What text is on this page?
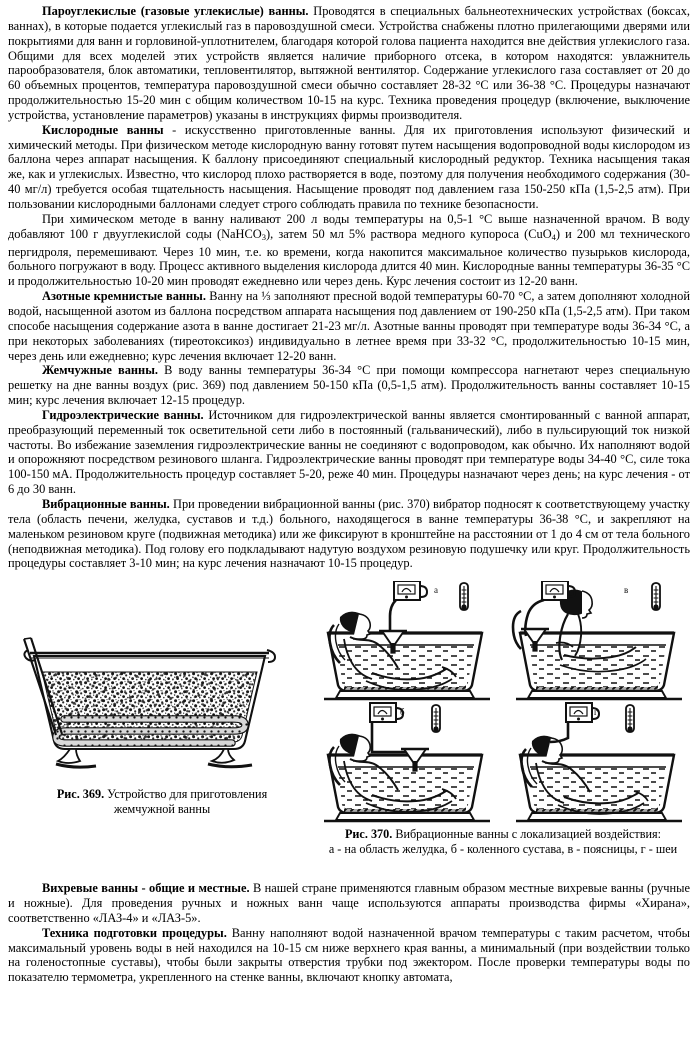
Пароуглекислые (газовые углекислые) ванны. Проводятся в специальных бальнеотехнических устройствах (боксах, ваннах), в которые подается углекислый газ в паровоздушной смеси. Устройства снабжены плотно прилегающими дверями или покрытиями для ванн и горловиной-уплотнителем, благодаря которой голова пациента находится вне действия углекислого газа. Общими для всех моделей этих устройств является наличие приборного отсека, в котором находятся: увлажнитель парообразователя, блок автоматики, тепловентилятор, вытяжной вентилятор. Содержание углекислого газа составляет от 20 до 60 объемных процентов, температура паровоздушной смеси обычно составляет 28-32 °С или 36-38 °С. Процедуры назначают продолжительностью 15-20 мин с общим количеством 10-15 на курс. Техника проведения процедур (включение, выключение устройства, установление параметров) указаны в инструкциях фирмы производителя.

Кислородные ванны - искусственно приготовленные ванны. Для их приготовления используют физический и химический методы. При физическом методе кислородную ванну готовят путем насыщения водопроводной воды кислородом из баллона через аппарат насыщения. К баллону присоединяют специальный кислородный редуктор. Техника насыщения такая же, как и углекислых. Известно, что кислород плохо растворяется в воде, поэтому для получения необходимого содержания (30-40 мг/л) требуется особая тщательность насыщения. Насыщение проводят под давлением газа 150-250 кПа (1,5-2,5 атм). При пользовании кислородными баллонами следует строго соблюдать правила по технике безопасности.

При химическом методе в ванну наливают 200 л воды температуры на 0,5-1 °С выше назначенной врачом. В воду добавляют 100 г двууглекислой соды (NaHCO$_3$), затем 50 мл 5% раствора медного купороса (CuO$_4$) и 200 мл технического пергидроля, перемешивают. Через 10 мин, т.е. ко времени, когда накопится максимальное количество пузырьков кислорода, больного погружают в воду. Процесс активного выделения кислорода длится 40 мин. Кислородные ванны температуры 36-35 °С и продолжительностью 10-20 мин проводят ежедневно или через день. Курс лечения состоит из 12-20 ванн.

Азотные кремнистые ванны. Ванну на ⅓ заполняют пресной водой температуры 60-70 °С, а затем дополняют холодной водой, насыщенной азотом из баллона посредством аппарата насыщения под давлением от 190-250 кПа (1,5-2,5 атм). При таком способе насыщения содержание азота в ванне достигает 21-23 мг/л. Азотные ванны проводят при температуре воды 36-34 °С, а при некоторых заболеваниях (тиреотоксикоз) индивидуально в летнее время при 33-32 °С, продолжительностью 10-15 мин, через день или ежедневно; курс лечения включает 12-20 ванн.

Жемчужные ванны. В воду ванны температуры 36-34 °С при помощи компрессора нагнетают через специальную решетку на дне ванны воздух (рис. 369) под давлением 50-150 кПа (0,5-1,5 атм). Продолжительность ванны составляет 10-15 мин; курс лечения включает 12-15 процедур.

Гидроэлектрические ванны. Источником для гидроэлектрической ванны является смонтированный с ванной аппарат, преобразующий переменный ток осветительной сети либо в постоянный (гальванический), либо в пульсирующий ток низкой частоты. Во избежание заземления гидроэлектрические ванны не соединяют с водопроводом, как обычно. Их наполняют водой и опорожняют посредством резинового шланга. Гидроэлектрические ванны проводят при температуре воды 34-40 °С, силе тока 100-150 мА. Продолжительность процедур составляет 5-20, реже 40 мин. Процедуры назначают через день; на курс лечения - от 6 до 30 ванн.

Вибрационные ванны. При проведении вибрационной ванны (рис. 370) вибратор подносят к соответствующему участку тела (область печени, желудка, суставов и т.д.) больного, находящегося в ванне температуры 36-38 °С, и закрепляют на маленьком резиновом круге (подвижная методика) или же фиксируют в кронштейне на расстоянии от 1 до 4 см от тела больного (неподвижная методика). Под голову его подкладывают надутую воздухом резиновую подушечку или круг. Продолжительность процедуры составляет 3-10 мин; на курс лечения назначают 10-15 процедур.

Рис. 369. Устройство для приготовления

жемчужной ванны

а	в
б	г

Рис. 370. Вибрационные ванны с локализацией воздействия:

а - на область желудка, б - коленного сустава, в - поясницы, г - шеи

Вихревые ванны - общие и местные. В нашей стране применяются главным образом местные вихревые ванны (ручные и ножные). Для проведения ручных и ножных ванн чаще используются аппараты производства фирмы «Хирана», соответственно «ЛАЗ-4» и «ЛАЗ-5».

Техника подготовки процедуры. Ванну наполняют водой назначенной врачом температуры с таким расчетом, чтобы максимальный уровень воды в ней находился на 10-15 см ниже верхнего края ванны, а минимальный (при воздействии только на голеностопные суставы), чтобы были закрыты отверстия трубки под эжектором. После проверки температуры воды по показателю термометра, укрепленного на стенке ванны, включают кнопку автомата,
